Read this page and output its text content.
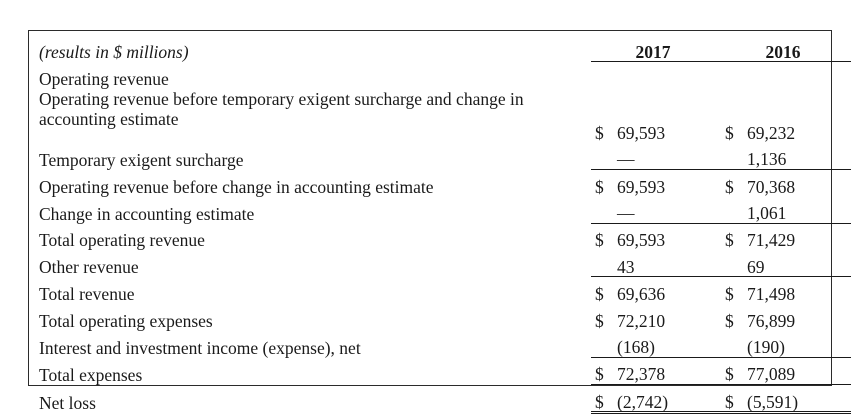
(results in $ millions)	2017		2016	
Operating revenue				
Operating revenue before temporary exigent surcharge and change in accounting estimate	$	69,593	$	69,232
Temporary exigent surcharge		—		1,136
Operating revenue before change in accounting estimate	$	69,593	$	70,368
Change in accounting estimate		—		1,061
Total operating revenue	$	69,593	$	71,429
Other revenue		43		69
Total revenue	$	69,636	$	71,498
Total operating expenses	$	72,210	$	76,899
Interest and investment income (expense), net		(168)		(190)
Total expenses	$	72,378	$	77,089
Net loss	$	(2,742)	$	(5,591)
